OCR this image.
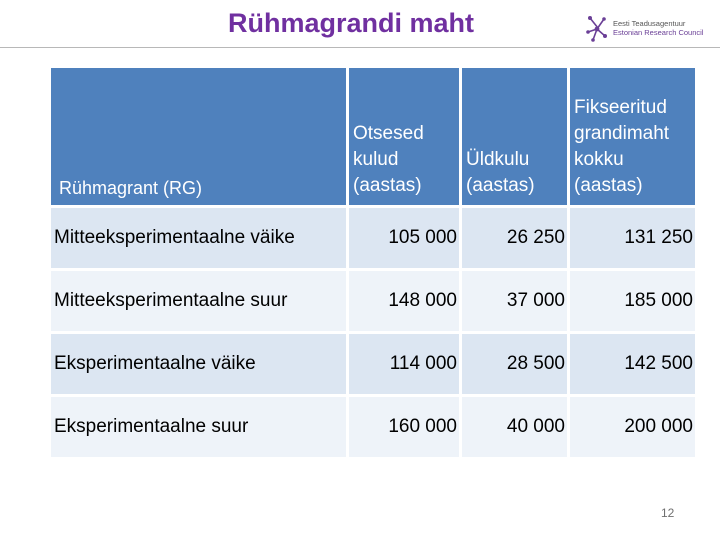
Rühmagrandi maht	Eesti Teadusagentuur
Estonian Research Council
Rühmagrant (RG)	Otsesed kulud (aastas)	Üldkulu (aastas)	Fikseeritud grandimaht kokku (aastas)
Mitteeksperimentaalne väike	105 000	26 250	131 250
Mitteeksperimentaalne suur	148 000	37 000	185 000
Eksperimentaalne väike	114 000	28 500	142 500
Eksperimentaalne suur	160 000	40 000	200 000
12
